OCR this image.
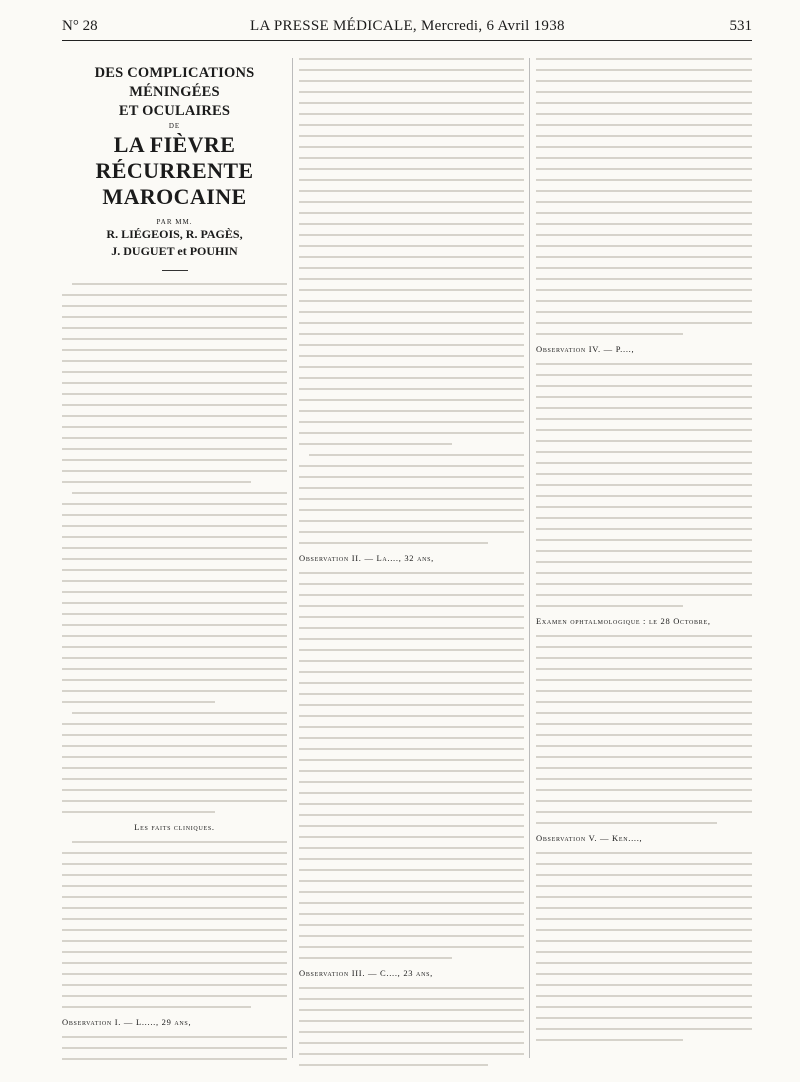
N° 28	LA PRESSE MÉDICALE, Mercredi, 6 Avril 1938	531
DES COMPLICATIONS MÉNINGÉES
ET OCULAIRES
DE
LA FIÈVRE RÉCURRENTE
MAROCAINE
PAR MM.
R. LIÉGEOIS, R. PAGÈS,
J. DUGUET et POUHIN
Les faits cliniques.
Observation I. — L....., 29 ans,
Observation II. — La...., 32 ans,
Observation III. — C...., 23 ans,
Observation IV. — P....,
Examen ophtalmologique : le 28 Octobre,
Observation V. — Ken....,
